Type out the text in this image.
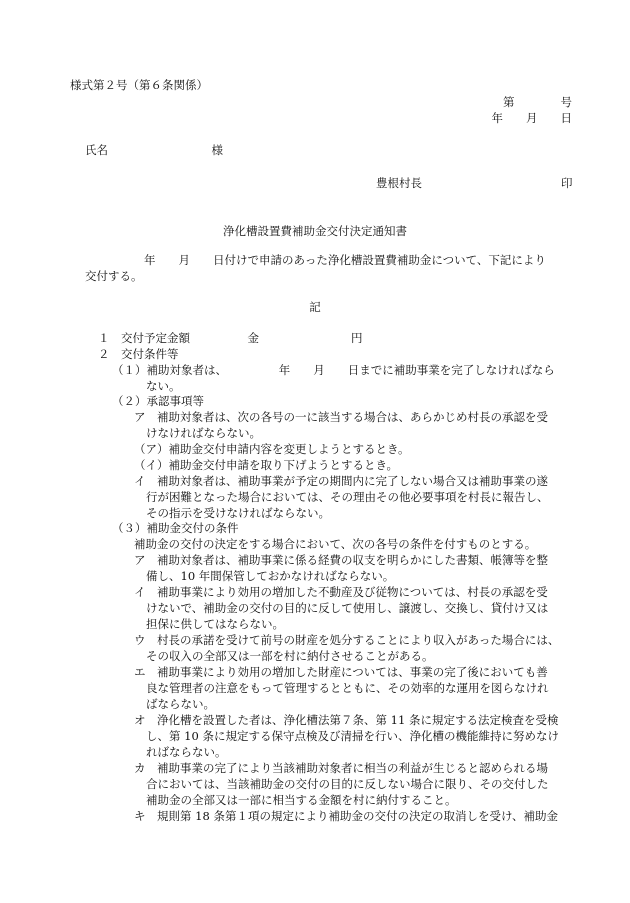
様式第２号（第６条関係）
第　　　　号
年　　月　　日
氏名　　　　　　　　　様
豊根村長	印
浄化槽設置費補助金交付決定通知書
年　　月　　日付けで申請のあった浄化槽設置費補助金について、下記により
交付する。
記
１　交付予定金額　　　　　金　　　　　　　　円
２　交付条件等
（１）補助対象者は、　　　　　年　　月　　日までに補助事業を完了しなければなら
ない。
（２）承認事項等
ア　補助対象者は、次の各号の一に該当する場合は、あらかじめ村長の承認を受
けなければならない。
（ア）補助金交付申請内容を変更しようとするとき。
（イ）補助金交付申請を取り下げようとするとき。
イ　補助対象者は、補助事業が予定の期間内に完了しない場合又は補助事業の遂
行が困難となった場合においては、その理由その他必要事項を村長に報告し、
その指示を受けなければならない。
（３）補助金交付の条件
補助金の交付の決定をする場合において、次の各号の条件を付すものとする。
ア　補助対象者は、補助事業に係る経費の収支を明らかにした書類、帳簿等を整
備し、10 年間保管しておかなければならない。
イ　補助事業により効用の増加した不動産及び従物については、村長の承認を受
けないで、補助金の交付の目的に反して使用し、譲渡し、交換し、貸付け又は
担保に供してはならない。
ウ　村長の承諾を受けて前号の財産を処分することにより収入があった場合には、
その収入の全部又は一部を村に納付させることがある。
エ　補助事業により効用の増加した財産については、事業の完了後においても善
良な管理者の注意をもって管理するとともに、その効率的な運用を図らなけれ
ばならない。
オ　浄化槽を設置した者は、浄化槽法第７条、第 11 条に規定する法定検査を受検
し、第 10 条に規定する保守点検及び清掃を行い、浄化槽の機能維持に努めなけ
ればならない。
カ　補助事業の完了により当該補助対象者に相当の利益が生じると認められる場
合においては、当該補助金の交付の目的に反しない場合に限り、その交付した
補助金の全部又は一部に相当する金額を村に納付すること。
キ　規則第 18 条第１項の規定により補助金の交付の決定の取消しを受け、補助金
